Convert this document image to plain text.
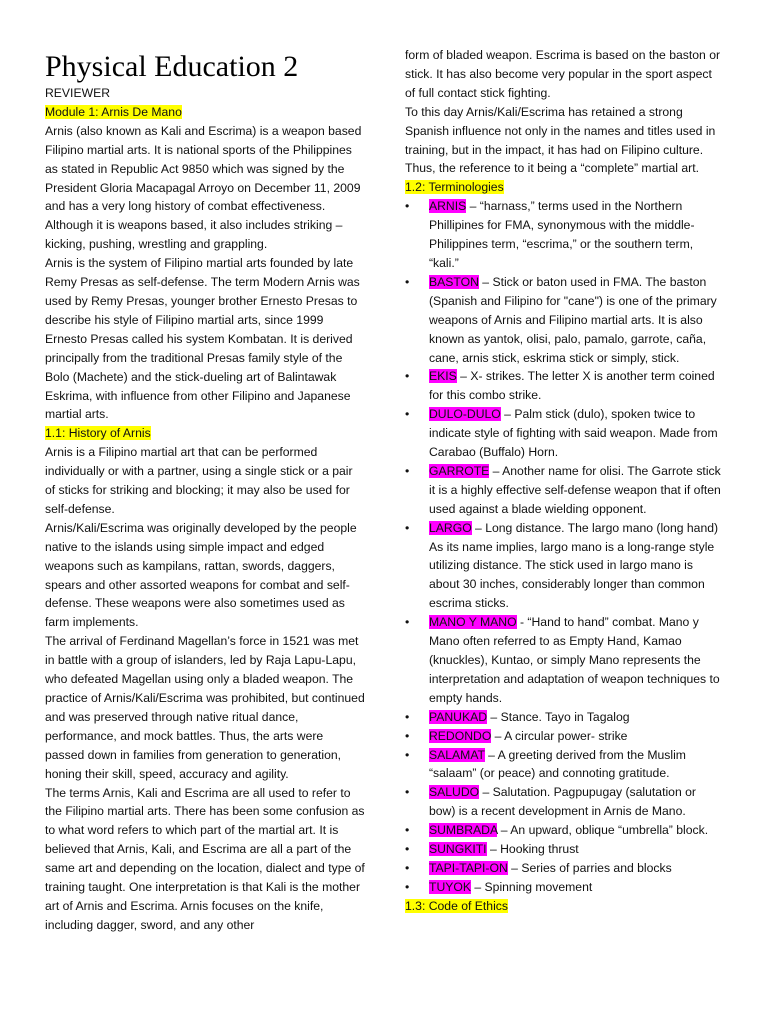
Physical Education 2

REVIEWER

Module 1: Arnis De Mano

Arnis (also known as Kali and Escrima) is a weapon based Filipino martial arts. It is national sports of the Philippines as stated in Republic Act 9850 which was signed by the President Gloria Macapagal Arroyo on December 11, 2009 and has a very long history of combat effectiveness. Although it is weapons based, it also includes striking – kicking, pushing, wrestling and grappling.

Arnis is the system of Filipino martial arts founded by late Remy Presas as self-defense. The term Modern Arnis was used by Remy Presas, younger brother Ernesto Presas to describe his style of Filipino martial arts, since 1999 Ernesto Presas called his system Kombatan. It is derived principally from the traditional Presas family style of the Bolo (Machete) and the stick-dueling art of Balintawak Eskrima, with influence from other Filipino and Japanese martial arts.

1.1: History of Arnis

Arnis is a Filipino martial art that can be performed individually or with a partner, using a single stick or a pair of sticks for striking and blocking; it may also be used for self-defense.

Arnis/Kali/Escrima was originally developed by the people native to the islands using simple impact and edged weapons such as kampilans, rattan, swords, daggers, spears and other assorted weapons for combat and self-defense. These weapons were also sometimes used as farm implements.

The arrival of Ferdinand Magellan’s force in 1521 was met in battle with a group of islanders, led by Raja Lapu-Lapu, who defeated Magellan using only a bladed weapon. The practice of Arnis/Kali/Escrima was prohibited, but continued and was preserved through native ritual dance, performance, and mock battles. Thus, the arts were passed down in families from generation to generation, honing their skill, speed, accuracy and agility.

The terms Arnis, Kali and Escrima are all used to refer to the Filipino martial arts. There has been some confusion as to what word refers to which part of the martial art. It is believed that Arnis, Kali, and Escrima are all a part of the same art and depending on the location, dialect and type of training taught. One interpretation is that Kali is the mother art of Arnis and Escrima. Arnis focuses on the knife, including dagger, sword, and any other

form of bladed weapon. Escrima is based on the baston or stick. It has also become very popular in the sport aspect of full contact stick fighting.

To this day Arnis/Kali/Escrima has retained a strong Spanish influence not only in the names and titles used in training, but in the impact, it has had on Filipino culture. Thus, the reference to it being a “complete” martial art.

1.2: Terminologies

•	ARNIS – “harnass,” terms used in the Northern Phillipines for FMA, synonymous with the middle-Philippines term, “escrima,” or the southern term, “kali.”
•	BASTON – Stick or baton used in FMA. The baston (Spanish and Filipino for "cane") is one of the primary weapons of Arnis and Filipino martial arts. It is also known as yantok, olisi, palo, pamalo, garrote, caña, cane, arnis stick, eskrima stick or simply, stick.
•	EKIS – X- strikes. The letter X is another term coined for this combo strike.
•	DULO-DULO – Palm stick (dulo), spoken twice to indicate style of fighting with said weapon. Made from Carabao (Buffalo) Horn.
•	GARROTE – Another name for olisi. The Garrote stick it is a highly effective self-defense weapon that if often used against a blade wielding opponent.
•	LARGO – Long distance. The largo mano (long hand) As its name implies, largo mano is a long-range style utilizing distance. The stick used in largo mano is about 30 inches, considerably longer than common escrima sticks.
•	MANO Y MANO - “Hand to hand” combat. Mano y Mano often referred to as Empty Hand, Kamao (knuckles), Kuntao, or simply Mano represents the interpretation and adaptation of weapon techniques to empty hands.
•	PANUKAD – Stance. Tayo in Tagalog
•	REDONDO – A circular power- strike
•	SALAMAT – A greeting derived from the Muslim “salaam” (or peace) and connoting gratitude.
•	SALUDO – Salutation. Pagpupugay (salutation or bow) is a recent development in Arnis de Mano.
•	SUMBRADA – An upward, oblique “umbrella” block.
•	SUNGKITI – Hooking thrust
•	TAPI-TAPI-ON – Series of parries and blocks
•	TUYOK – Spinning movement

1.3: Code of Ethics
